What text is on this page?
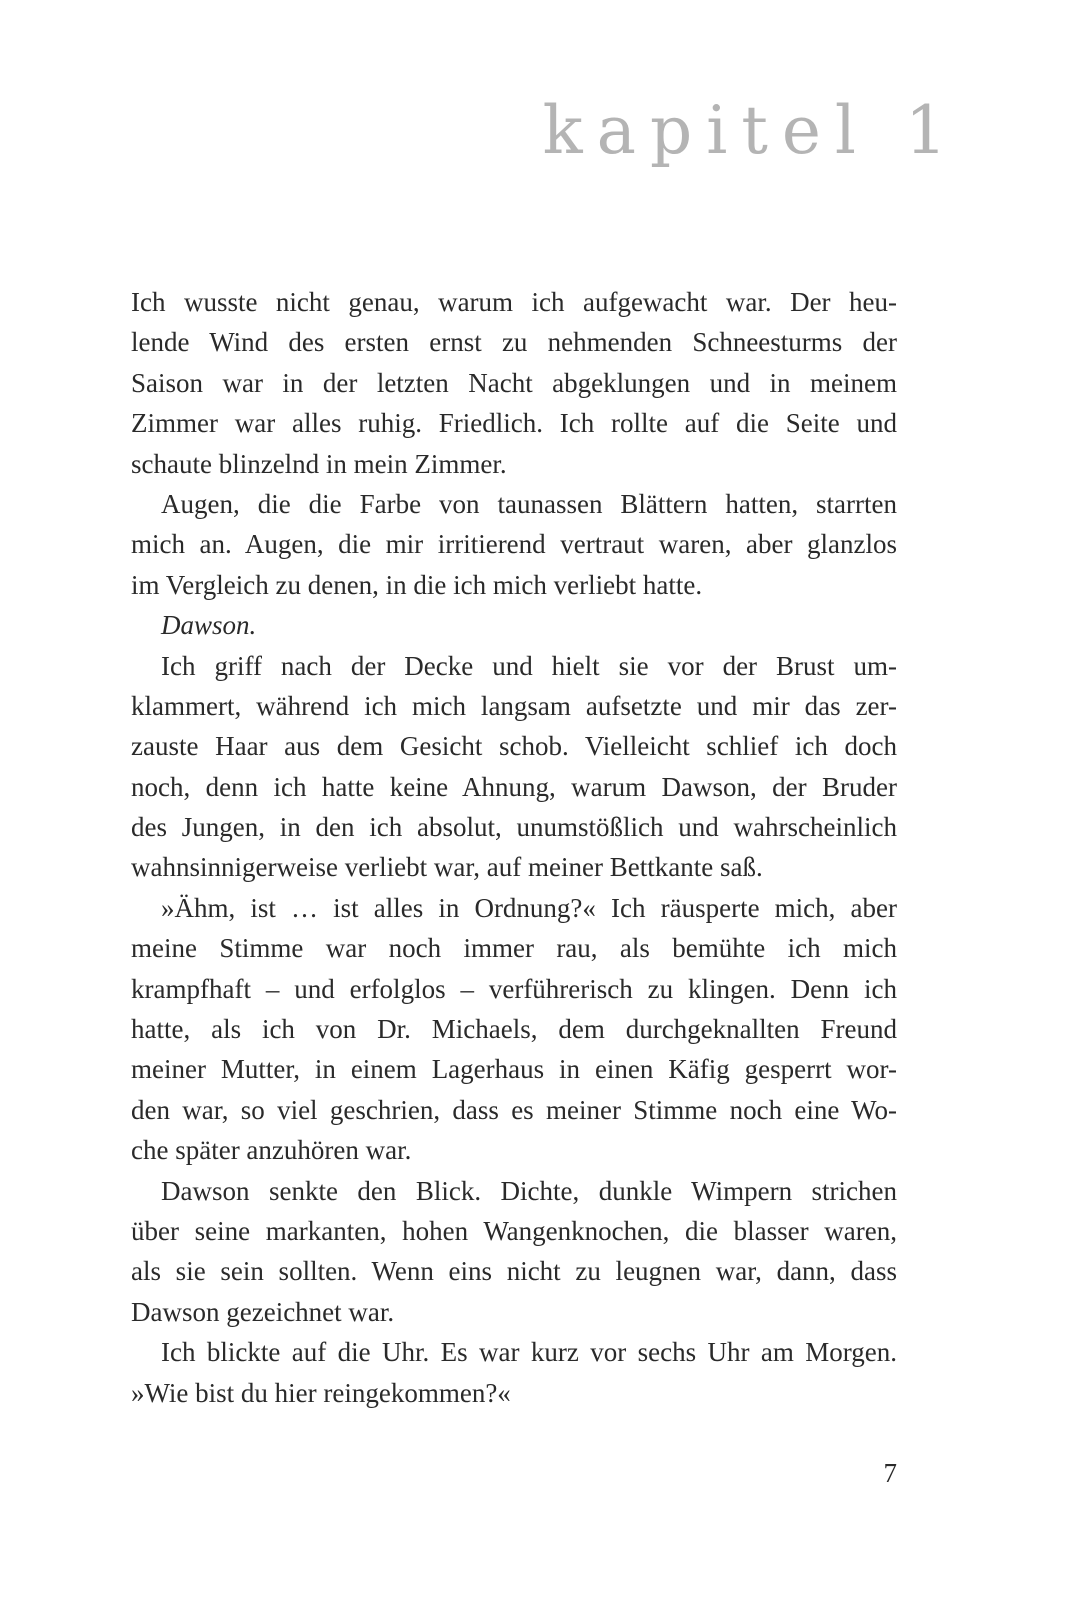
kapitel 1
Ich wusste nicht genau, warum ich aufgewacht war. Der heu-
lende Wind des ersten ernst zu nehmenden Schneesturms der
Saison war in der letzten Nacht abgeklungen und in meinem
Zimmer war alles ruhig. Friedlich. Ich rollte auf die Seite und
schaute blinzelnd in mein Zimmer.
Augen, die die Farbe von taunassen Blättern hatten, starrten
mich an. Augen, die mir irritierend vertraut waren, aber glanzlos
im Vergleich zu denen, in die ich mich verliebt hatte.
Dawson.
Ich griff nach der Decke und hielt sie vor der Brust um-
klammert, während ich mich langsam aufsetzte und mir das zer-
zauste Haar aus dem Gesicht schob. Vielleicht schlief ich doch
noch, denn ich hatte keine Ahnung, warum Dawson, der Bruder
des Jungen, in den ich absolut, unumstößlich und wahrscheinlich
wahnsinnigerweise verliebt war, auf meiner Bettkante saß.
»Ähm, ist … ist alles in Ordnung?« Ich räusperte mich, aber
meine Stimme war noch immer rau, als bemühte ich mich
krampfhaft – und erfolglos – verführerisch zu klingen. Denn ich
hatte, als ich von Dr. Michaels, dem durchgeknallten Freund
meiner Mutter, in einem Lagerhaus in einen Käfig gesperrt wor-
den war, so viel geschrien, dass es meiner Stimme noch eine Wo-
che später anzuhören war.
Dawson senkte den Blick. Dichte, dunkle Wimpern strichen
über seine markanten, hohen Wangenknochen, die blasser waren,
als sie sein sollten. Wenn eins nicht zu leugnen war, dann, dass
Dawson gezeichnet war.
Ich blickte auf die Uhr. Es war kurz vor sechs Uhr am Morgen.
»Wie bist du hier reingekommen?«
7
